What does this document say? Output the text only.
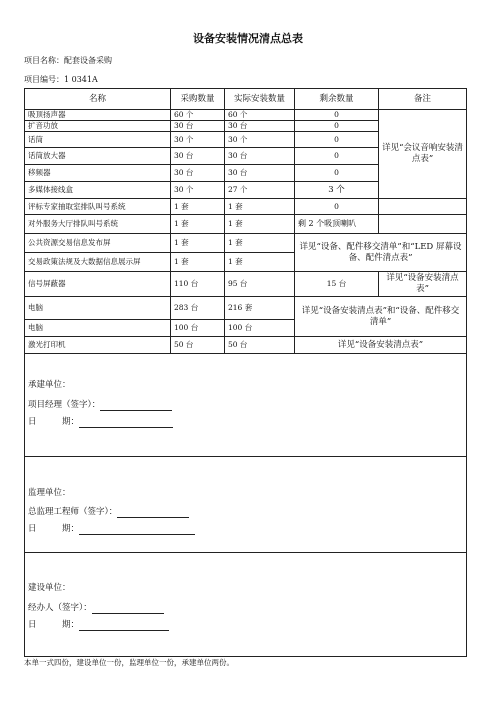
设备安装情况清点总表
项目名称：配套设备采购
项目编号：1 0341A
名称	采购数量	实际安装数量	剩余数量	备注
吸顶扬声器	60 个	60 个	0	详见“会议音响安装清点表”
扩音功放	30 台	30 台	0	
话筒	30 个	30 个	0	
话筒放大器	30 台	30 台	0	
移频器	30 台	30 台	0	
多媒体接线盒	30 个	27 个	3 个	
评标专家抽取室排队叫号系统	1 套	1 套	0	
对外服务大厅排队叫号系统	1 套	1 套	剩 2 个吸顶喇叭	
公共资源交易信息发布屏	1 套	1 套	详见“设备、配件移交清单”和“LED 屏幕设备、配件清点表”	
交易政策法规及大数据信息展示屏	1 套	1 套		
信号屏蔽器	110 台	95 台	15 台	详见“设备安装清点表”
电脑	283 台	216 套	详见“设备安装清点表”和“设备、配件移交清单”	
电脑	100 台	100 台		
激光打印机	50 台	50 台	详见“设备安装清点表”	

承建单位：
项目经理（签字）：
日　　　期：				

监理单位：
总监理工程师（签字）：
日　　　期：				

建设单位：
经办人（签字）：
日　　　期：				
本单一式四份，建设单位一份，监理单位一份，承建单位两份。
